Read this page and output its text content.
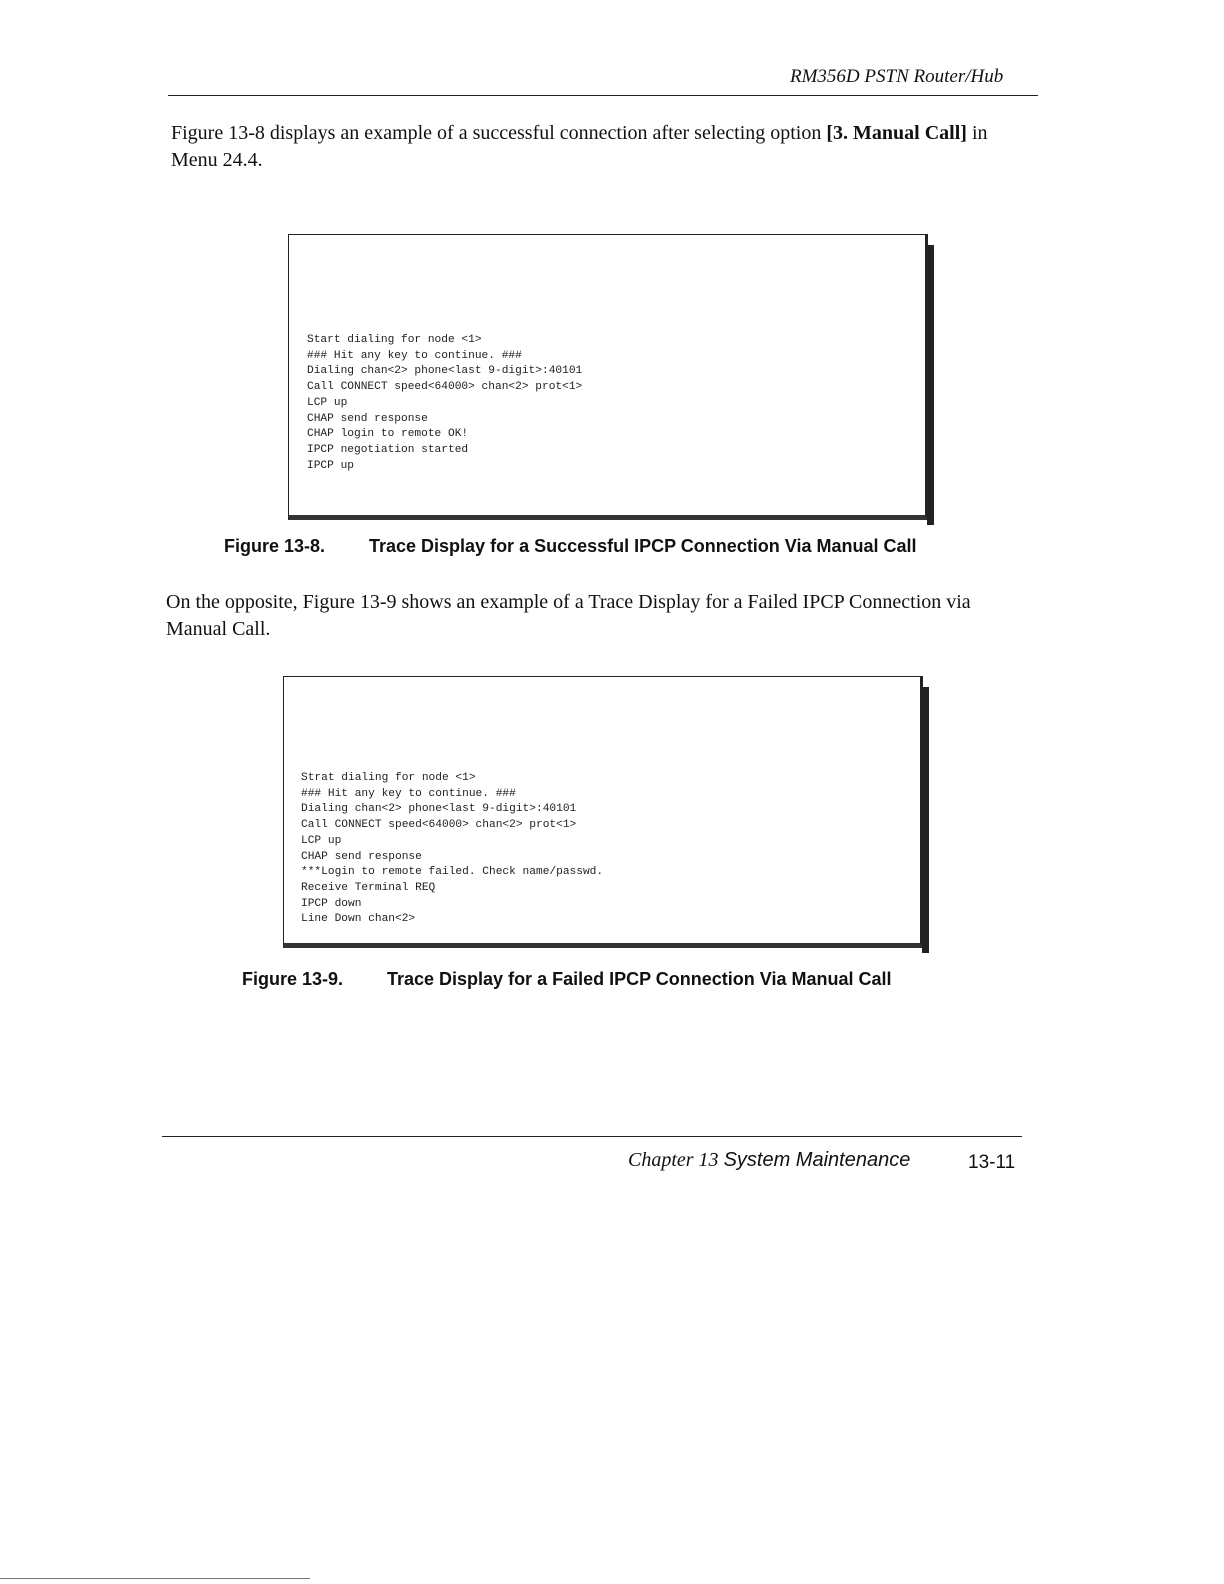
RM356D PSTN Router/Hub

Figure 13-8 displays an example of a successful connection after selecting option [3. Manual Call] in Menu 24.4.

Start dialing for node <1>
### Hit any key to continue. ###
Dialing chan<2> phone<last 9-digit>:40101
Call CONNECT speed<64000> chan<2> prot<1>
LCP up
CHAP send response
CHAP login to remote OK!
IPCP negotiation started
IPCP up
Figure 13-8. Trace Display for a Successful IPCP Connection Via Manual Call

On the opposite, Figure 13-9 shows an example of a Trace Display for a Failed IPCP Connection via Manual Call.

Strat dialing for node <1>
### Hit any key to continue. ###
Dialing chan<2> phone<last 9-digit>:40101
Call CONNECT speed<64000> chan<2> prot<1>
LCP up
CHAP send response
***Login to remote failed. Check name/passwd.
Receive Terminal REQ
IPCP down
Line Down chan<2>
Figure 13-9. Trace Display for a Failed IPCP Connection Via Manual Call
Chapter 13 System Maintenance	13-11
